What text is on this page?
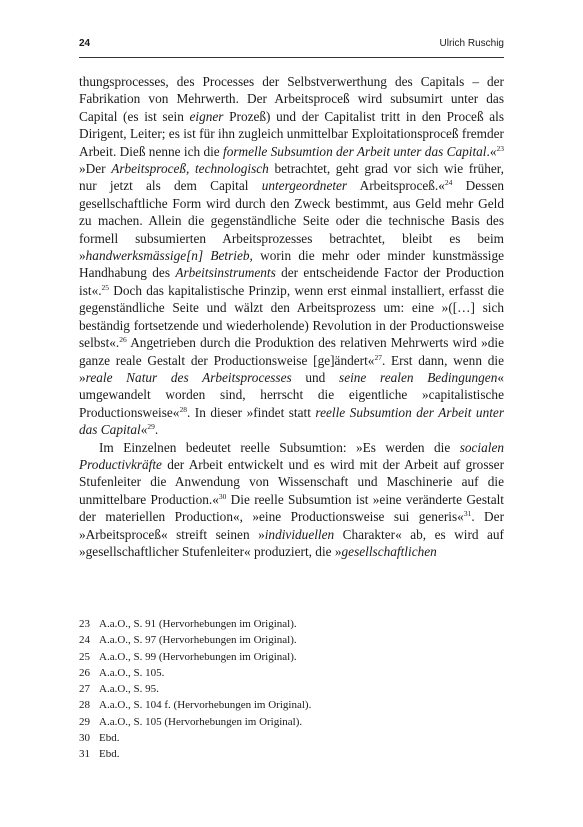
24	Ulrich Ruschig

thungsprocesses, des Processes der Selbstverwerthung des Capitals – der Fabrikation von Mehrwerth. Der Arbeitsproceß wird subsumirt unter das Capital (es ist sein eigner Prozeß) und der Capitalist tritt in den Proceß als Dirigent, Leiter; es ist für ihn zugleich unmittelbar Exploitationsproceß fremder Arbeit. Dieß nenne ich die formelle Subsumtion der Arbeit unter das Capital.«$^{23}$ »Der Arbeitsproceß, technologisch betrachtet, geht grad vor sich wie früher, nur jetzt als dem Capital untergeordneter Arbeitsproceß.«$^{24}$ Dessen gesellschaftliche Form wird durch den Zweck bestimmt, aus Geld mehr Geld zu machen. Allein die gegenständliche Seite oder die technische Basis des formell subsumierten Arbeitsprozesses betrachtet, bleibt es beim »handwerksmässige[n] Betrieb, worin die mehr oder minder kunstmässige Handhabung des Arbeitsinstruments der entscheidende Factor der Production ist«.$^{25}$ Doch das kapitalistische Prinzip, wenn erst einmal installiert, erfasst die gegenständliche Seite und wälzt den Arbeitsprozess um: eine »([…] sich beständig fortsetzende und wiederholende) Revolution in der Productionsweise selbst«.$^{26}$ Angetrieben durch die Produktion des relativen Mehrwerts wird »die ganze reale Gestalt der Productionsweise [ge]ändert«$^{27}$. Erst dann, wenn die »reale Natur des Arbeitsprocesses und seine realen Bedingungen« umgewandelt worden sind, herrscht die eigentliche »capitalistische Productionsweise«$^{28}$. In dieser »findet statt reelle Subsumtion der Arbeit unter das Capital«$^{29}$.

Im Einzelnen bedeutet reelle Subsumtion: »Es werden die socialen Productivkräfte der Arbeit entwickelt und es wird mit der Arbeit auf grosser Stufenleiter die Anwendung von Wissenschaft und Maschinerie auf die unmittelbare Production.«$^{30}$ Die reelle Subsumtion ist »eine veränderte Gestalt der materiellen Production«, »eine Productionsweise sui generis«$^{31}$. Der »Arbeitsproceß« streift seinen »individuellen Charakter« ab, es wird auf »gesellschaftlicher Stufenleiter« produziert, die »gesellschaftlichen

23 A.a.O., S. 91 (Hervorhebungen im Original).
24 A.a.O., S. 97 (Hervorhebungen im Original).
25 A.a.O., S. 99 (Hervorhebungen im Original).
26 A.a.O., S. 105.
27 A.a.O., S. 95.
28 A.a.O., S. 104 f. (Hervorhebungen im Original).
29 A.a.O., S. 105 (Hervorhebungen im Original).
30 Ebd.
31 Ebd.
